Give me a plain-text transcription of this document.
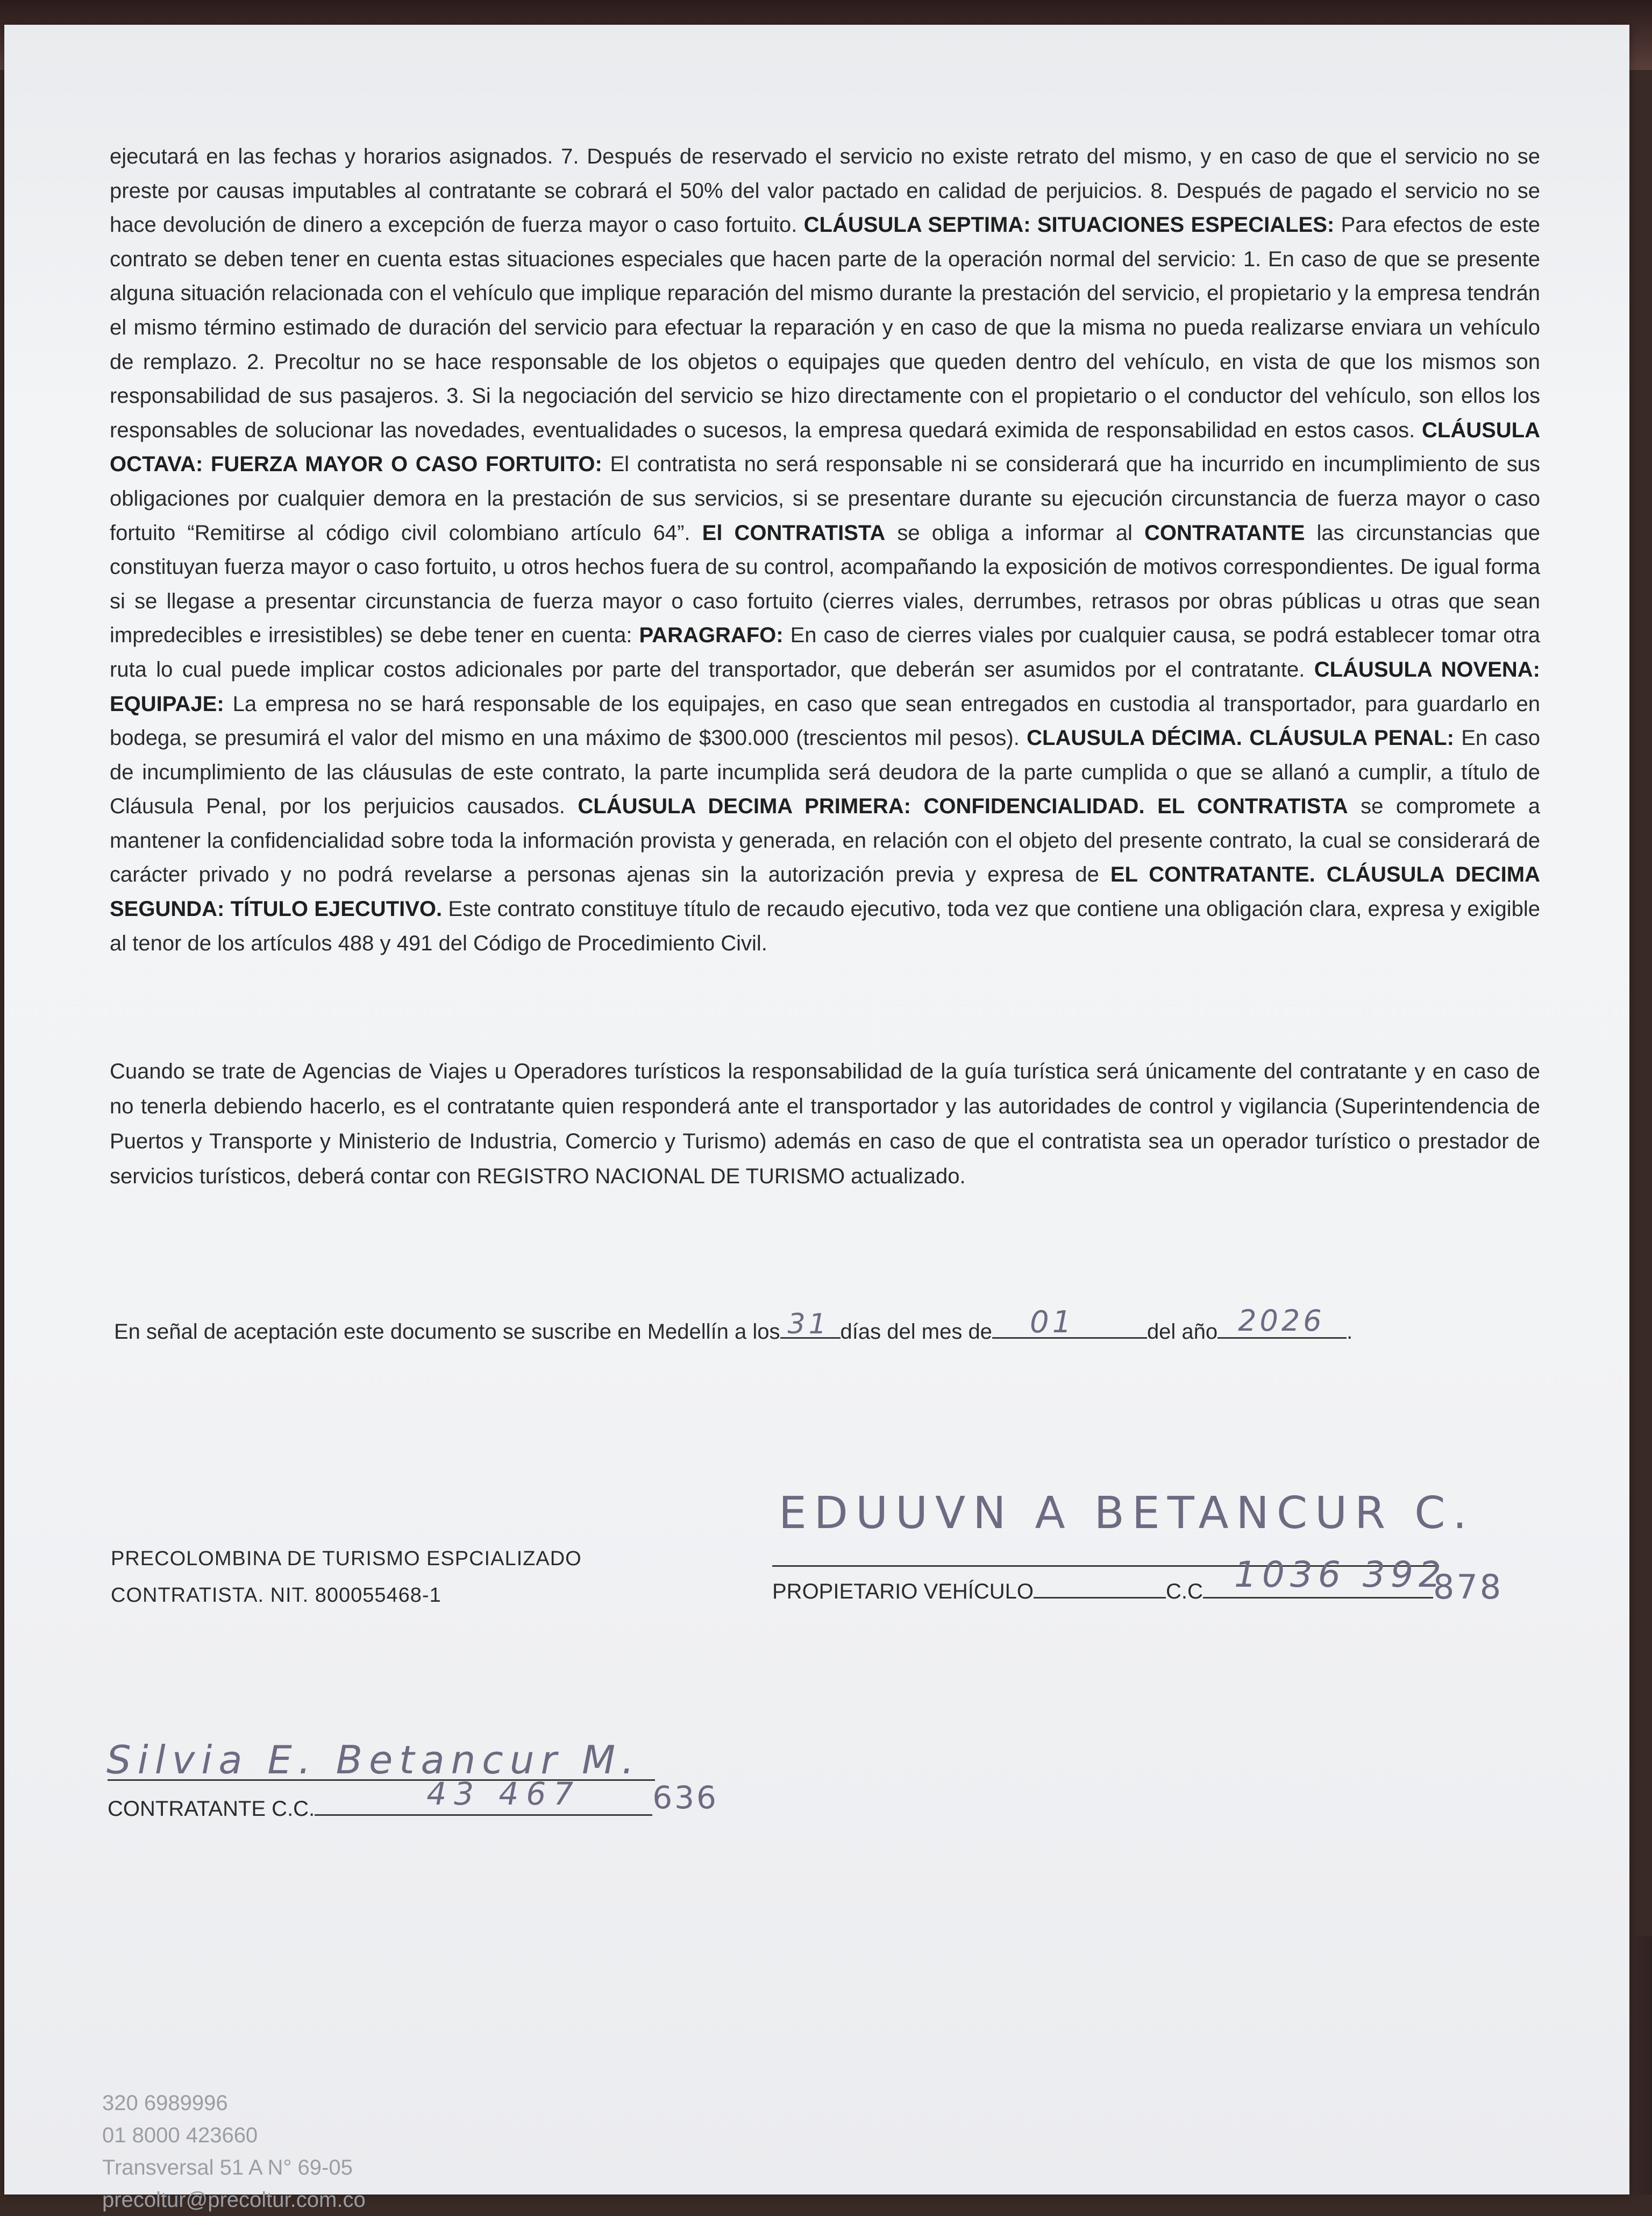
ejecutará en las fechas y horarios asignados. 7. Después de reservado el servicio no existe retrato del mismo, y en caso de que el servicio no se preste por causas imputables al contratante se cobrará el 50% del valor pactado en calidad de perjuicios. 8. Después de pagado el servicio no se hace devolución de dinero a excepción de fuerza mayor o caso fortuito. CLÁUSULA SEPTIMA: SITUACIONES ESPECIALES: Para efectos de este contrato se deben tener en cuenta estas situaciones especiales que hacen parte de la operación normal del servicio: 1. En caso de que se presente alguna situación relacionada con el vehículo que implique reparación del mismo durante la prestación del servicio, el propietario y la empresa tendrán el mismo término estimado de duración del servicio para efectuar la reparación y en caso de que la misma no pueda realizarse enviara un vehículo de remplazo. 2. Precoltur no se hace responsable de los objetos o equipajes que queden dentro del vehículo, en vista de que los mismos son responsabilidad de sus pasajeros. 3. Si la negociación del servicio se hizo directamente con el propietario o el conductor del vehículo, son ellos los responsables de solucionar las novedades, eventualidades o sucesos, la empresa quedará eximida de responsabilidad en estos casos. CLÁUSULA OCTAVA: FUERZA MAYOR O CASO FORTUITO: El contratista no será responsable ni se considerará que ha incurrido en incumplimiento de sus obligaciones por cualquier demora en la prestación de sus servicios, si se presentare durante su ejecución circunstancia de fuerza mayor o caso fortuito “Remitirse al código civil colombiano artículo 64”. El CONTRATISTA se obliga a informar al CONTRATANTE las circunstancias que constituyan fuerza mayor o caso fortuito, u otros hechos fuera de su control, acompañando la exposición de motivos correspondientes. De igual forma si se llegase a presentar circunstancia de fuerza mayor o caso fortuito (cierres viales, derrumbes, retrasos por obras públicas u otras que sean impredecibles e irresistibles) se debe tener en cuenta: PARAGRAFO: En caso de cierres viales por cualquier causa, se podrá establecer tomar otra ruta lo cual puede implicar costos adicionales por parte del transportador, que deberán ser asumidos por el contratante. CLÁUSULA NOVENA: EQUIPAJE: La empresa no se hará responsable de los equipajes, en caso que sean entregados en custodia al transportador, para guardarlo en bodega, se presumirá el valor del mismo en una máximo de $300.000 (trescientos mil pesos). CLAUSULA DÉCIMA. CLÁUSULA PENAL: En caso de incumplimiento de las cláusulas de este contrato, la parte incumplida será deudora de la parte cumplida o que se allanó a cumplir, a título de Cláusula Penal, por los perjuicios causados. CLÁUSULA DECIMA PRIMERA: CONFIDENCIALIDAD. EL CONTRATISTA se compromete a mantener la confidencialidad sobre toda la información provista y generada, en relación con el objeto del presente contrato, la cual se considerará de carácter privado y no podrá revelarse a personas ajenas sin la autorización previa y expresa de EL CONTRATANTE. CLÁUSULA DECIMA SEGUNDA: TÍTULO EJECUTIVO. Este contrato constituye título de recaudo ejecutivo, toda vez que contiene una obligación clara, expresa y exigible al tenor de los artículos 488 y 491 del Código de Procedimiento Civil.

Cuando se trate de Agencias de Viajes u Operadores turísticos la responsabilidad de la guía turística será únicamente del contratante y en caso de no tenerla debiendo hacerlo, es el contratante quien responderá ante el transportador y las autoridades de control y vigilancia (Superintendencia de Puertos y Transporte y Ministerio de Industria, Comercio y Turismo) además en caso de que el contratista sea un operador turístico o prestador de servicios turísticos, deberá contar con REGISTRO NACIONAL DE TURISMO actualizado.

En señal de aceptación este documento se suscribe en Medellín a los 31 días del mes de 01	del año 2026 .
PRECOLOMBINA DE TURISMO ESPCIALIZADO
CONTRATISTA. NIT. 800055468-1
EDUUVN A BETANCUR C.
PROPIETARIO VEHÍCULO	C.C 1036 392
878
Silvia E. Betancur M.
CONTRATANTE C.C.	43 467 636
320 6989996
01 8000 423660
Transversal 51 A N° 69-05
precoltur@precoltur.com.co
